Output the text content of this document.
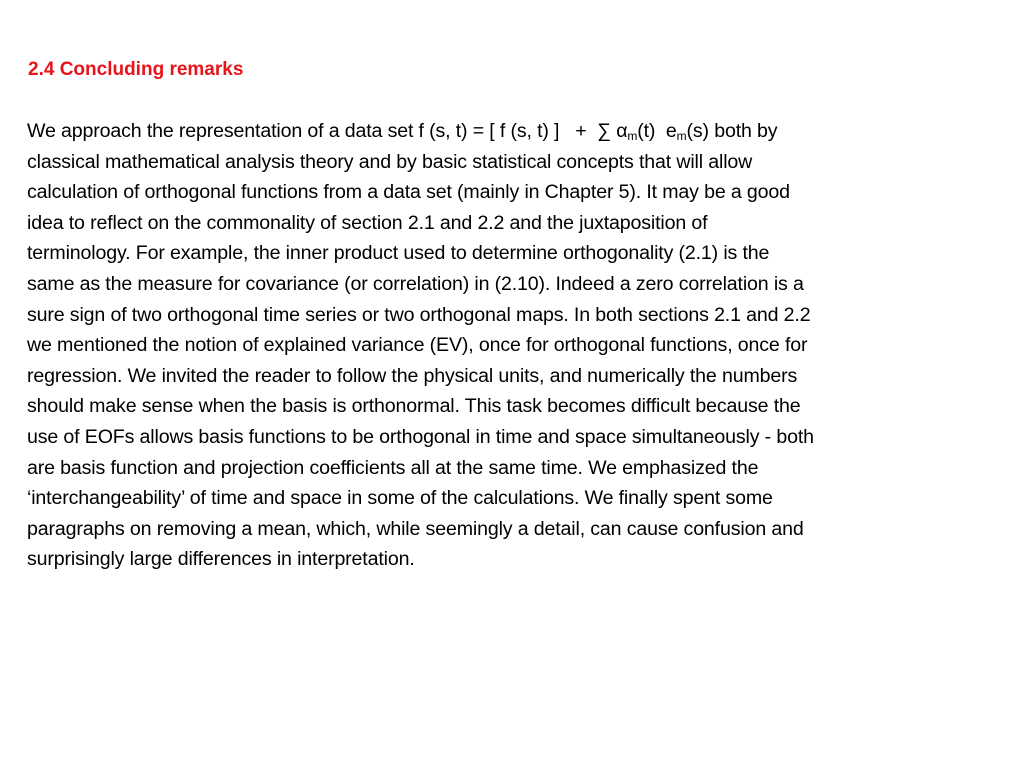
2.4 Concluding remarks
We approach the representation of a data set f (s, t) = [ f (s, t) ]   +  ∑ $\alpha_m(t)$  $e_m(s)$ both by
classical mathematical analysis theory and by basic statistical concepts that will allow
calculation of orthogonal functions from a data set (mainly in Chapter 5). It may be a good
idea to reflect on the commonality of section 2.1 and 2.2 and the juxtaposition of
terminology. For example, the inner product used to determine orthogonality (2.1) is the
same as the measure for covariance (or correlation) in (2.10). Indeed a zero correlation is a
sure sign of two orthogonal time series or two orthogonal maps. In both sections 2.1 and 2.2
we mentioned the notion of explained variance (EV), once for orthogonal functions, once for
regression. We invited the reader to follow the physical units, and numerically the numbers
should make sense when the basis is orthonormal. This task becomes difficult because the
use of EOFs allows basis functions to be orthogonal in time and space simultaneously - both
are basis function and projection coefficients all at the same time. We emphasized the
‘interchangeability’ of time and space in some of the calculations. We finally spent some
paragraphs on removing a mean, which, while seemingly a detail, can cause confusion and
surprisingly large differences in interpretation.
